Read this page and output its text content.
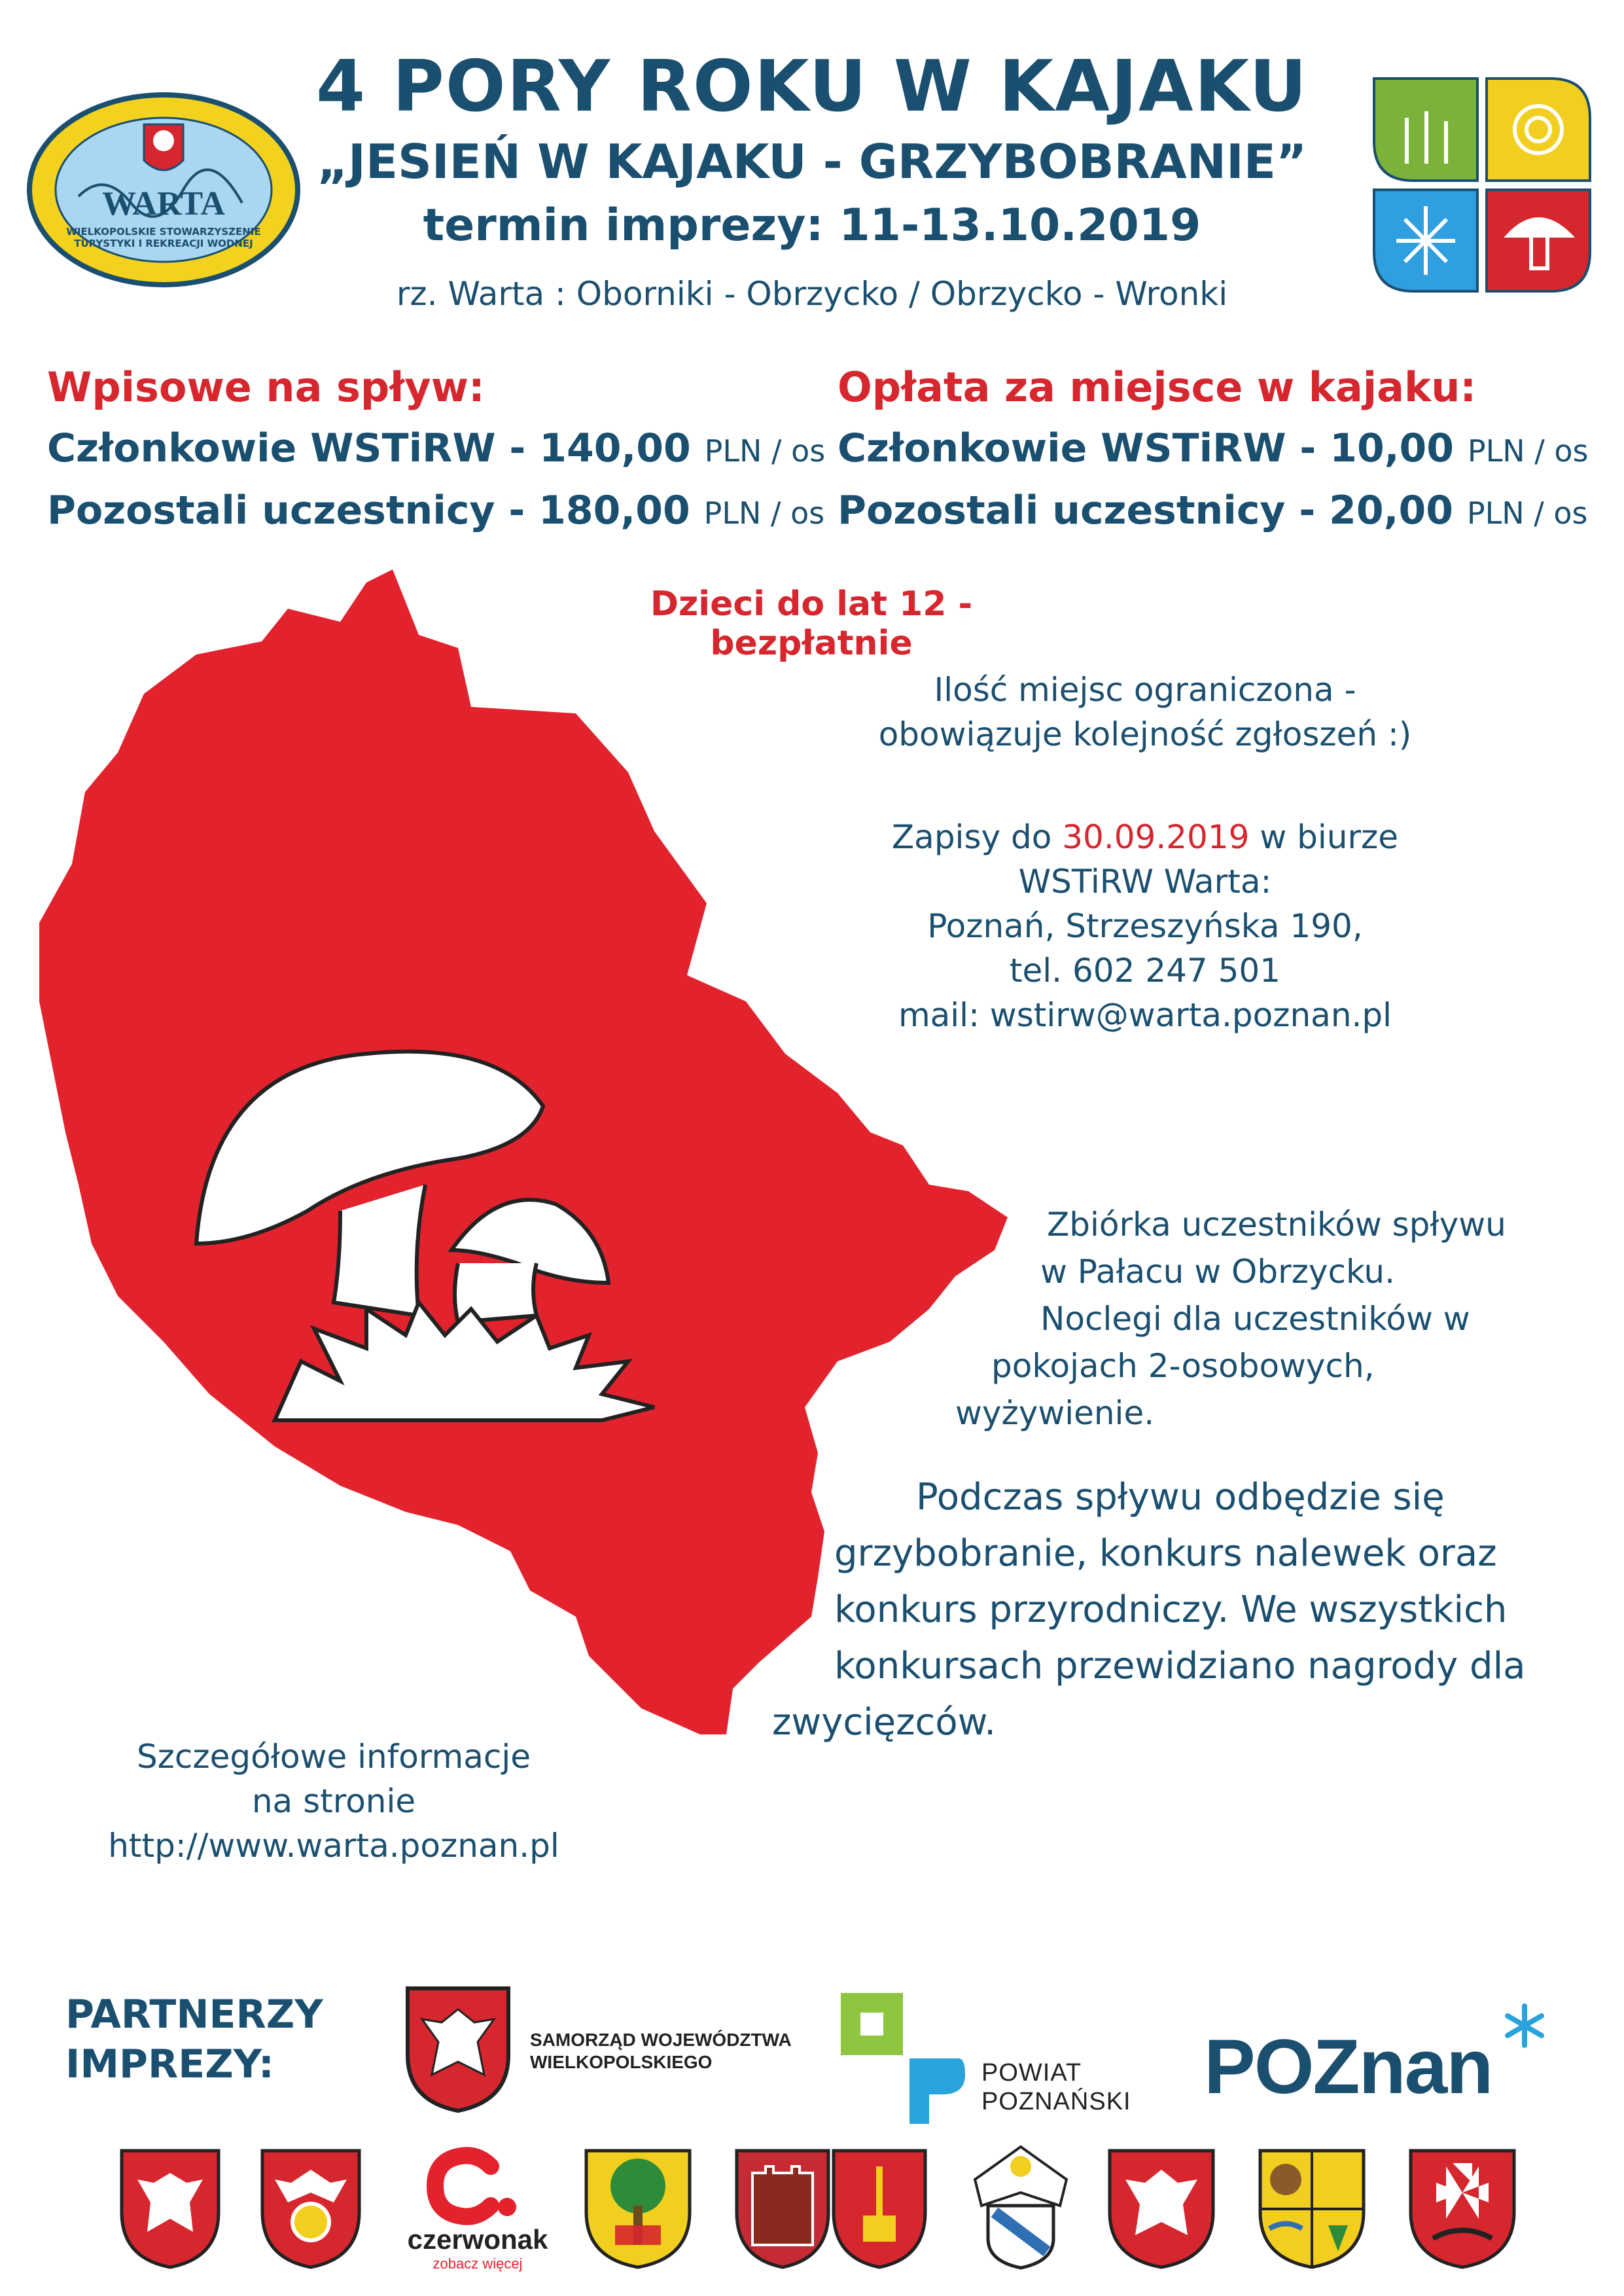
WARTA
WIELKOPOLSKIE STOWARZYSZENIE TURYSTYKI I REKREACJI WODNEJ
4 PORY ROKU W KAJAKU
„JESIEŃ W KAJAKU - GRZYBOBRANIE”
termin imprezy: 11-13.10.2019
rz. Warta : Oborniki - Obrzycko / Obrzycko - Wronki
Wpisowe na spływ:
Członkowie WSTiRW - 140,00 PLN / os
Pozostali uczestnicy - 180,00 PLN / os
Opłata za miejsce w kajaku:
Członkowie WSTiRW - 10,00 PLN / os
Pozostali uczestnicy - 20,00 PLN / os
Dzieci do lat 12 - bezpłatnie
Ilość miejsc ograniczona -
obowiązuje kolejność zgłoszeń :)
Zapisy do 30.09.2019 w biurze
WSTiRW Warta:
Poznań, Strzeszyńska 190,
tel. 602 247 501
mail: wstirw@warta.poznan.pl
Zbiórka uczestników spływu
w Pałacu w Obrzycku.
Noclegi dla uczestników w
pokojach 2-osobowych,
wyżywienie.
Podczas spływu odbędzie się
grzybobranie, konkurs nalewek oraz
konkurs przyrodniczy. We wszystkich
konkursach przewidziano nagrody dla
zwycięzców.
Szczegółowe informacje
na stronie
http://www.warta.poznan.pl
PARTNERZY
IMPREZY:
SAMORZĄD WOJEWÓDZTWA
WIELKOPOLSKIEGO	POWIAT
POZNAŃSKI POZnan
czerwonak
zobacz więcej
